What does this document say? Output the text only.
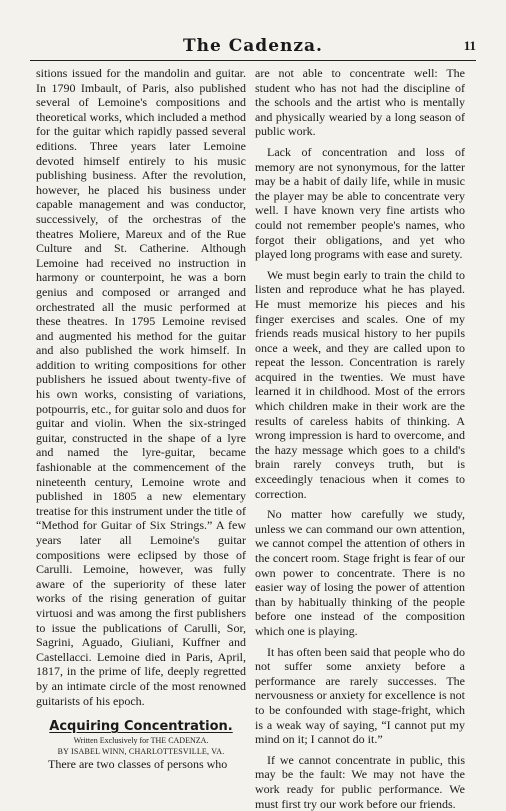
The Cadenza.	11

sitions issued for the mandolin and guitar. In 1790 Imbault, of Paris, also published several of Lemoine's compositions and theoretical works, which included a method for the guitar which rapidly passed several editions. Three years later Lemoine devoted himself entirely to his music publishing business. After the revolution, however, he placed his business under capable management and was conductor, successively, of the orchestras of the theatres Moliere, Mareux and of the Rue Culture and St. Catherine. Although Lemoine had received no instruction in harmony or counterpoint, he was a born genius and composed or arranged and orchestrated all the music performed at these theatres. In 1795 Lemoine revised and augmented his method for the guitar and also published the work himself. In addition to writing compositions for other publishers he issued about twenty-five of his own works, consisting of variations, potpourris, etc., for guitar solo and duos for guitar and violin. When the six-stringed guitar, constructed in the shape of a lyre and named the lyre-guitar, became fashionable at the commencement of the nineteenth century, Lemoine wrote and published in 1805 a new elementary treatise for this instrument under the title of “Method for Guitar of Six Strings.” A few years later all Lemoine's guitar compositions were eclipsed by those of Carulli. Lemoine, however, was fully aware of the superiority of these later works of the rising generation of guitar virtuosi and was among the first publishers to issue the publications of Carulli, Sor, Sagrini, Aguado, Giuliani, Kuffner and Castellacci. Lemoine died in Paris, April, 1817, in the prime of life, deeply regretted by an intimate circle of the most renowned guitarists of his epoch.

Acquiring Concentration.
Written Exclusively for THE CADENZA.
BY ISABEL WINN, CHARLOTTESVILLE, VA.

There are two classes of persons who

are not able to concentrate well: The student who has not had the discipline of the schools and the artist who is mentally and physically wearied by a long season of public work.

Lack of concentration and loss of memory are not synonymous, for the latter may be a habit of daily life, while in music the player may be able to concentrate very well. I have known very fine artists who could not remember people's names, who forgot their obligations, and yet who played long programs with ease and surety.

We must begin early to train the child to listen and reproduce what he has played. He must memorize his pieces and his finger exercises and scales. One of my friends reads musical history to her pupils once a week, and they are called upon to repeat the lesson. Concentration is rarely acquired in the twenties. We must have learned it in childhood. Most of the errors which children make in their work are the results of careless habits of thinking. A wrong impression is hard to overcome, and the hazy message which goes to a child's brain rarely conveys truth, but is exceedingly tenacious when it comes to correction.

No matter how carefully we study, unless we can command our own attention, we cannot compel the attention of others in the concert room. Stage fright is fear of our own power to concentrate. There is no easier way of losing the power of attention than by habitually thinking of the people before one instead of the composition which one is playing.

It has often been said that people who do not suffer some anxiety before a performance are rarely successes. The nervousness or anxiety for excellence is not to be confounded with stage-fright, which is a weak way of saying, “I cannot put my mind on it; I cannot do it.”

If we cannot concentrate in public, this may be the fault: We may not have the work ready for public performance. We must first try our work before our friends.
